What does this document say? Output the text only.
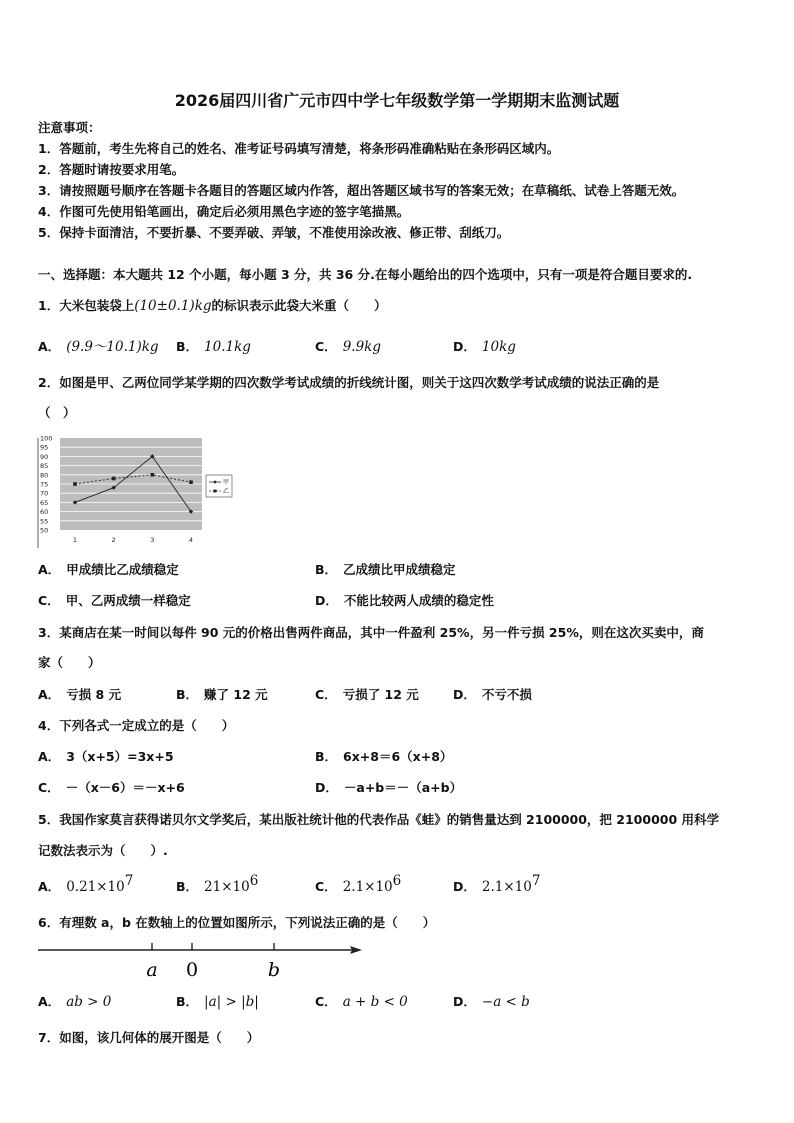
2026届四川省广元市四中学七年级数学第一学期期末监测试题
注意事项：
1．答题前，考生先将自己的姓名、准考证号码填写清楚，将条形码准确粘贴在条形码区域内。
2．答题时请按要求用笔。
3．请按照题号顺序在答题卡各题目的答题区域内作答，超出答题区域书写的答案无效；在草稿纸、试卷上答题无效。
4．作图可先使用铅笔画出，确定后必须用黑色字迹的签字笔描黑。
5．保持卡面清洁，不要折暴、不要弄破、弄皱，不准使用涂改液、修正带、刮纸刀。
一、选择题：本大题共 12 个小题，每小题 3 分，共 36 分.在每小题给出的四个选项中，只有一项是符合题目要求的.
1．大米包装袋上(10±0.1)kg的标识表示此袋大米重（　　）
A． (9.9～10.1)kg B． 10.1kg	C． 9.9kg	D． 10kg
2．如图是甲、乙两位同学某学期的四次数学考试成绩的折线统计图，则关于这四次数学考试成绩的说法正确的是
（　）
100
95
90
85
80
75
70
65
60
55
50
1	2	3	4
甲
乙
A． 甲成绩比乙成绩稳定	B． 乙成绩比甲成绩稳定
C． 甲、乙两成绩一样稳定	D． 不能比较两人成绩的稳定性
3．某商店在某一时间以每件 90 元的价格出售两件商品，其中一件盈利 25%，另一件亏损 25%，则在这次买卖中，商
家（　　）
A． 亏损 8 元	B． 赚了 12 元	C． 亏损了 12 元	D． 不亏不损
4．下列各式一定成立的是（　　）
A． 3（x+5）=3x+5	B． 6x+8＝6（x+8）
C． －（x－6）＝－x+6	D． －a+b＝－（a+b）
5．我国作家莫言获得诺贝尔文学奖后，某出版社统计他的代表作品《蛙》的销售量达到 2100000，把 2100000 用科学
记数法表示为（　　）.
A． $0.21\times 10^7$	B． $21\times 10^6$	C． $2.1\times 10^6$	D． $2.1\times 10^7$
6．有理数 a，b 在数轴上的位置如图所示，下列说法正确的是（　　）
a 0	b
A． ab > 0	B． |a| > |b|	C． a + b < 0	D． −a < b
7．如图，该几何体的展开图是（　　）
